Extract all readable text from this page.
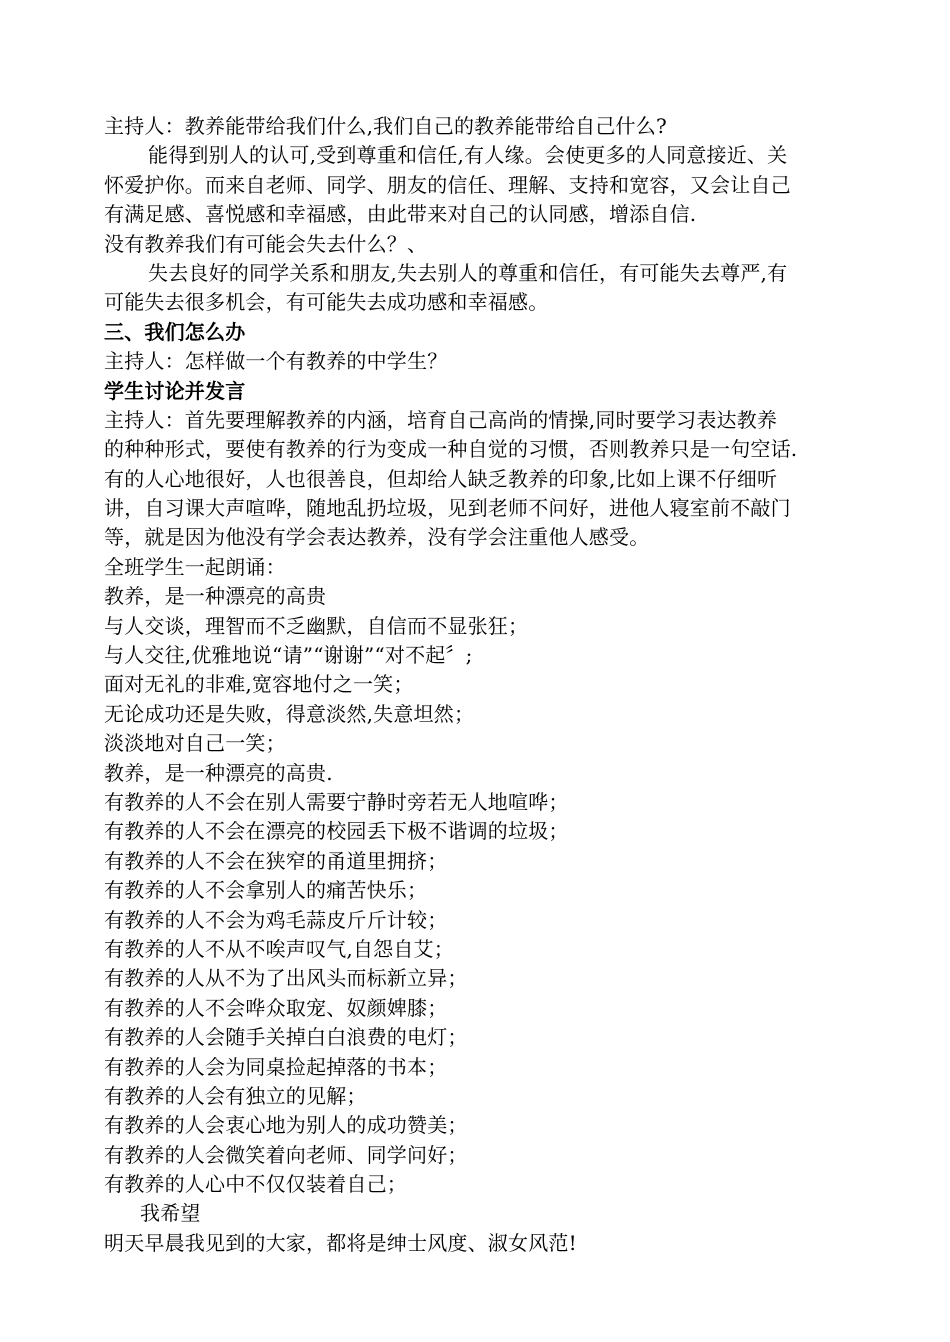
主持人：教养能带给我们什么,我们自己的教养能带给自己什么?
能得到别人的认可,受到尊重和信任,有人缘。会使更多的人同意接近、关
怀爱护你。而来自老师、同学、朋友的信任、理解、支持和宽容，又会让自己
有满足感、喜悦感和幸福感，由此带来对自己的认同感，增添自信.
没有教养我们有可能会失去什么？、
失去良好的同学关系和朋友,失去别人的尊重和信任，有可能失去尊严,有
可能失去很多机会，有可能失去成功感和幸福感。
三、我们怎么办
主持人：怎样做一个有教养的中学生？
学生讨论并发言
主持人：首先要理解教养的内涵，培育自己高尚的情操,同时要学习表达教养
的种种形式，要使有教养的行为变成一种自觉的习惯，否则教养只是一句空话.
有的人心地很好，人也很善良，但却给人缺乏教养的印象,比如上课不仔细听
讲，自习课大声喧哗，随地乱扔垃圾，见到老师不问好，进他人寝室前不敲门
等，就是因为他没有学会表达教养，没有学会注重他人感受。
全班学生一起朗诵：
教养，是一种漂亮的高贵
与人交谈，理智而不乏幽默，自信而不显张狂；
与人交往,优雅地说“请”“谢谢”“对不起〞;
面对无礼的非难,宽容地付之一笑；
无论成功还是失败，得意淡然,失意坦然；
淡淡地对自己一笑；
教养，是一种漂亮的高贵.
有教养的人不会在别人需要宁静时旁若无人地喧哗；
有教养的人不会在漂亮的校园丢下极不谐调的垃圾；
有教养的人不会在狭窄的甬道里拥挤；
有教养的人不会拿别人的痛苦快乐；
有教养的人不会为鸡毛蒜皮斤斤计较；
有教养的人不从不唉声叹气,自怨自艾；
有教养的人从不为了出风头而标新立异；
有教养的人不会哗众取宠、奴颜婢膝；
有教养的人会随手关掉白白浪费的电灯；
有教养的人会为同桌捡起掉落的书本；
有教养的人会有独立的见解；
有教养的人会衷心地为别人的成功赞美；
有教养的人会微笑着向老师、同学问好；
有教养的人心中不仅仅装着自己；
我希望
明天早晨我见到的大家，都将是绅士风度、淑女风范!
